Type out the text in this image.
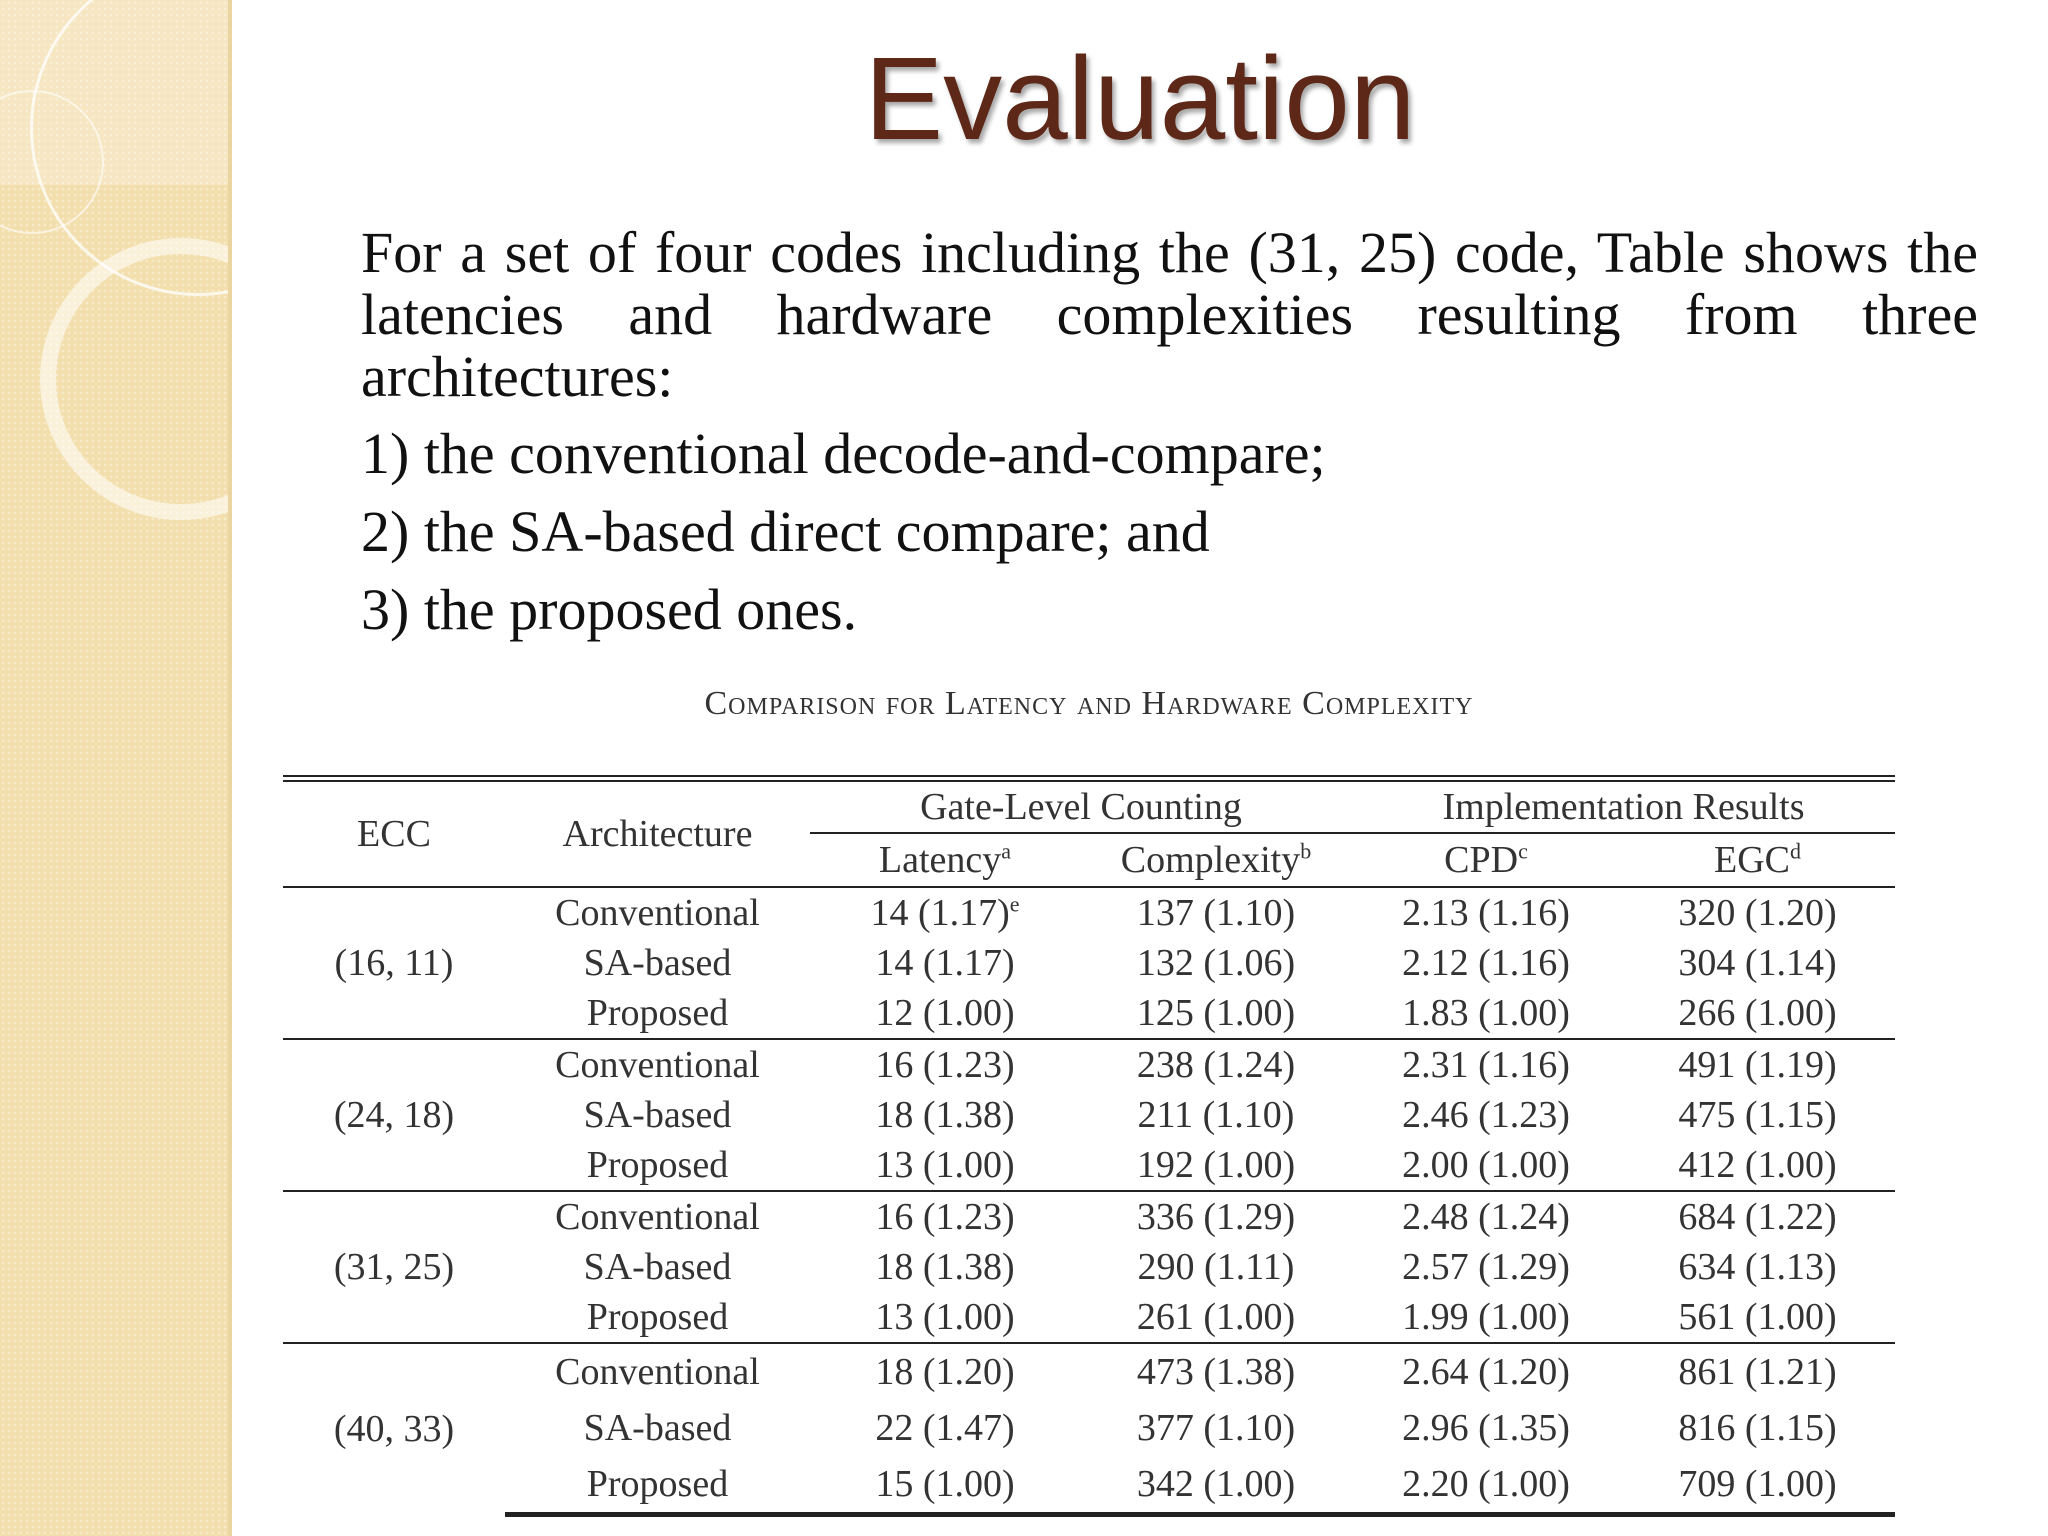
Evaluation

For a set of four codes including the (31, 25) code, Table shows the latencies and hardware complexities resulting from three architectures:

1) the conventional decode-and-compare;

2) the SA-based direct compare; and

3) the proposed ones.

Comparison for Latency and Hardware Complexity
ECC	Architecture	Gate-Level Counting		Implementation Results	
		Latency$^a$	Complexity$^b$	CPD$^c$	EGC$^d$
(16, 11)	Conventional	14 $(1.17)^e$	137 (1.10)	2.13 (1.16)	320 (1.20)
	SA-based	14 (1.17)	132 (1.06)	2.12 (1.16)	304 (1.14)
	Proposed	12 (1.00)	125 (1.00)	1.83 (1.00)	266 (1.00)
(24, 18)	Conventional	16 (1.23)	238 (1.24)	2.31 (1.16)	491 (1.19)
	SA-based	18 (1.38)	211 (1.10)	2.46 (1.23)	475 (1.15)
	Proposed	13 (1.00)	192 (1.00)	2.00 (1.00)	412 (1.00)
(31, 25)	Conventional	16 (1.23)	336 (1.29)	2.48 (1.24)	684 (1.22)
	SA-based	18 (1.38)	290 (1.11)	2.57 (1.29)	634 (1.13)
	Proposed	13 (1.00)	261 (1.00)	1.99 (1.00)	561 (1.00)
(40, 33)	Conventional	18 (1.20)	473 (1.38)	2.64 (1.20)	861 (1.21)
	SA-based	22 (1.47)	377 (1.10)	2.96 (1.35)	816 (1.15)
	Proposed	15 (1.00)	342 (1.00)	2.20 (1.00)	709 (1.00)
